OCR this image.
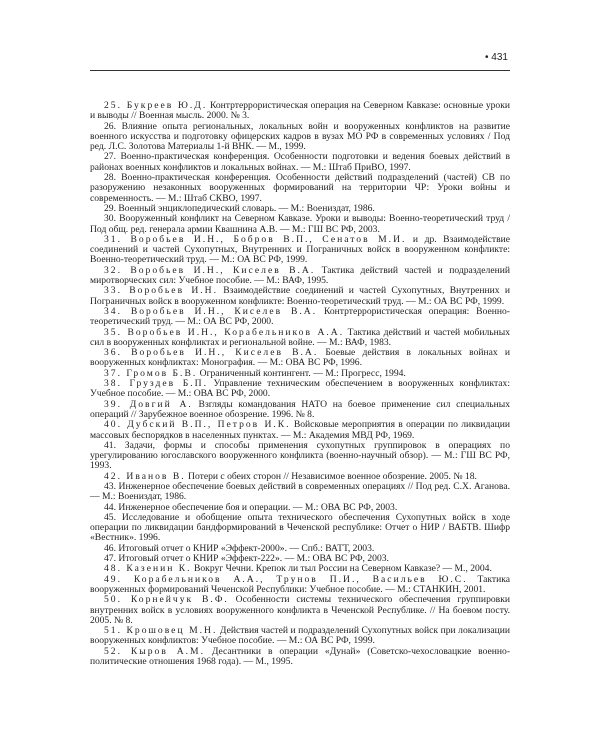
• 431
25. Букреев Ю.Д. Контртеррористическая операция на Северном Кавказе: основные уроки и выводы // Военная мысль. 2000. № 3.
26. Влияние опыта региональных, локальных войн и вооруженных конфликтов на развитие военного искусства и подготовку офицерских кадров в вузах МО РФ в современных условиях / Под ред. Л.С. Золотова Материалы 1-й ВНК. — М., 1999.
27. Военно-практическая конференция. Особенности подготовки и ведения боевых действий в районах военных конфликтов и локальных войнах. — М.: Штаб ПриВО, 1997.
28. Военно-практическая конференция. Особенности действий подразделений (частей) СВ по разоружению незаконных вооруженных формирований на территории ЧР: Уроки войны и современность. — М.: Штаб СКВО, 1997.
29. Военный энциклопедический словарь. — М.: Воениздат, 1986.
30. Вооруженный конфликт на Северном Кавказе. Уроки и выводы: Военно-теоретический труд / Под общ. ред. генерала армии Квашнина А.В. — М.: ГШ ВС РФ, 2003.
31. Воробьев И.Н., Бобров В.П., Сенатов М.И. и др. Взаимодействие соединений и частей Сухопутных, Внутренних и Пограничных войск в вооруженном конфликте: Военно-теоретический труд. — М.: ОА ВС РФ, 1999.
32. Воробьев И.Н., Киселев В.А. Тактика действий частей и подразделений миротворческих сил: Учебное пособие. — М.: ВАФ, 1995.
33. Воробьев И.Н. Взаимодействие соединений и частей Сухопутных, Внутренних и Пограничных войск в вооруженном конфликте: Военно-теоретический труд. — М.: ОА ВС РФ, 1999.
34. Воробьев И.Н., Киселев В.А. Контртеррористическая операция: Военно-теоретический труд. — М.: ОА ВС РФ, 2000.
35. Воробьев И.Н., Корабельников А.А. Тактика действий и частей мобильных сил в вооруженных конфликтах и региональной войне. — М.: ВАФ, 1983.
36. Воробьев И.Н., Киселев В.А. Боевые действия в локальных войнах и вооруженных конфликтах: Монография. — М.: ОВА ВС РФ, 1996.
37. Громов Б.В. Ограниченный контингент. — М.: Прогресс, 1994.
38. Груздев Б.П. Управление техническим обеспечением в вооруженных конфликтах: Учебное пособие. — М.: ОВА ВС РФ, 2000.
39. Довгий А. Взгляды командования НАТО на боевое применение сил специальных операций // Зарубежное военное обозрение. 1996. № 8.
40. Дубский В.П., Петров И.К. Войсковые мероприятия в операции по ликвидации массовых беспорядков в населенных пунктах. — М.: Академия МВД РФ, 1969.
41. Задачи, формы и способы применения сухопутных группировок в операциях по урегулированию югославского вооруженного конфликта (военно-научный обзор). — М.: ГШ ВС РФ, 1993.
42. Иванов В. Потери с обеих сторон // Независимое военное обозрение. 2005. № 18.
43. Инженерное обеспечение боевых действий в современных операциях // Под ред. С.Х. Аганова. — М.: Воениздат, 1986.
44. Инженерное обеспечение боя и операции. — М.: ОВА ВС РФ, 2003.
45. Исследование и обобщение опыта технического обеспечения Сухопутных войск в ходе операции по ликвидации бандформирований в Чеченской республике: Отчет о НИР / ВАБТВ. Шифр «Вестник». 1996.
46. Итоговый отчет о КНИР «Эффект-2000». — Спб.: ВАТТ, 2003.
47. Итоговый отчет о КНИР «Эффект-222». — М.: ОВА ВС РФ, 2003.
48. Казенин К. Вокруг Чечни. Крепок ли тыл России на Северном Кавказе? — М., 2004.
49. Корабельников А.А., Трунов П.И., Васильев Ю.С. Тактика вооруженных формирований Чеченской Республики: Учебное пособие. — М.: СТАНКИН, 2001.
50. Корнейчук В.Ф. Особенности системы технического обеспечения группировки внутренних войск в условиях вооруженного конфликта в Чеченской Республике. // На боевом посту. 2005. № 8.
51. Крошовец М.Н. Действия частей и подразделений Сухопутных войск при локализации вооруженных конфликтов: Учебное пособие. — М.: ОА ВС РФ, 1999.
52. Кыров А.М. Десантники в операции «Дунай» (Советско-чехословацкие военно-политические отношения 1968 года). — М., 1995.
